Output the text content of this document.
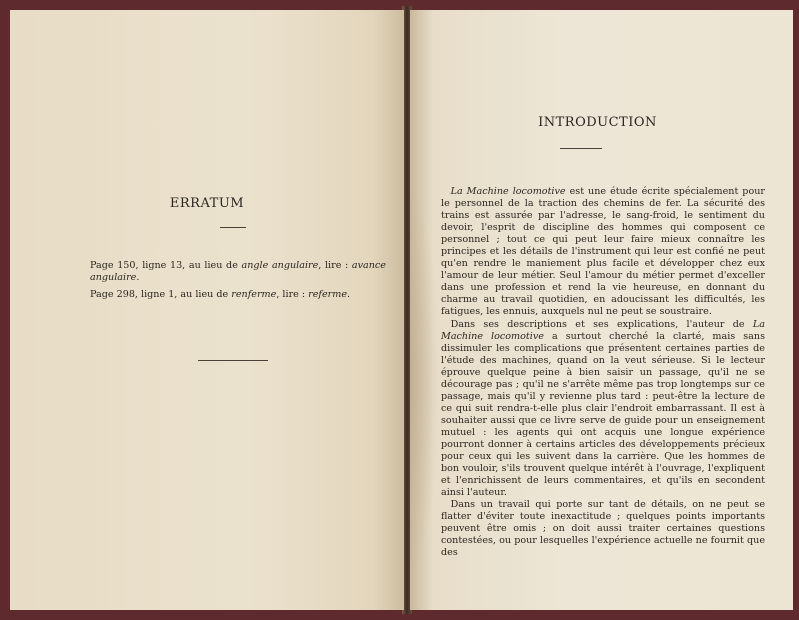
ERRATUM

Page 150, ligne 13, au lieu de angle angulaire, lire : avance angulaire.

Page 298, ligne 1, au lieu de renferme, lire : referme.

INTRODUCTION

 La Machine locomotive est une étude écrite spécialement pour le personnel de la traction des chemins de fer. La sécurité des trains est assurée par l'adresse, le sang-froid, le sentiment du devoir, l'esprit de discipline des hommes qui composent ce personnel ; tout ce qui peut leur faire mieux connaître les principes et les détails de l'instrument qui leur est confié ne peut qu'en rendre le maniement plus facile et développer chez eux l'amour de leur métier. Seul l'amour du métier permet d'exceller dans une profession et rend la vie heureuse, en donnant du charme au travail quotidien, en adoucissant les difficultés, les fatigues, les ennuis, auxquels nul ne peut se soustraire.

 Dans ses descriptions et ses explications, l'auteur de La Machine locomotive a surtout cherché la clarté, mais sans dissimuler les complications que présentent certaines parties de l'étude des machines, quand on la veut sérieuse. Si le lecteur éprouve quelque peine à bien saisir un passage, qu'il ne se décourage pas ; qu'il ne s'arrête même pas trop longtemps sur ce passage, mais qu'il y revienne plus tard : peut-être la lecture de ce qui suit rendra-t-elle plus clair l'endroit embarrassant. Il est à souhaiter aussi que ce livre serve de guide pour un enseignement mutuel : les agents qui ont acquis une longue expérience pourront donner à certains articles des développements précieux pour ceux qui les suivent dans la carrière. Que les hommes de bon vouloir, s'ils trouvent quelque intérêt à l'ouvrage, l'expliquent et l'enrichissent de leurs commentaires, et qu'ils en secondent ainsi l'auteur.

 Dans un travail qui porte sur tant de détails, on ne peut se flatter d'éviter toute inexactitude ; quelques points importants peuvent être omis ; on doit aussi traiter certaines questions contestées, ou pour lesquelles l'expérience actuelle ne fournit que des
